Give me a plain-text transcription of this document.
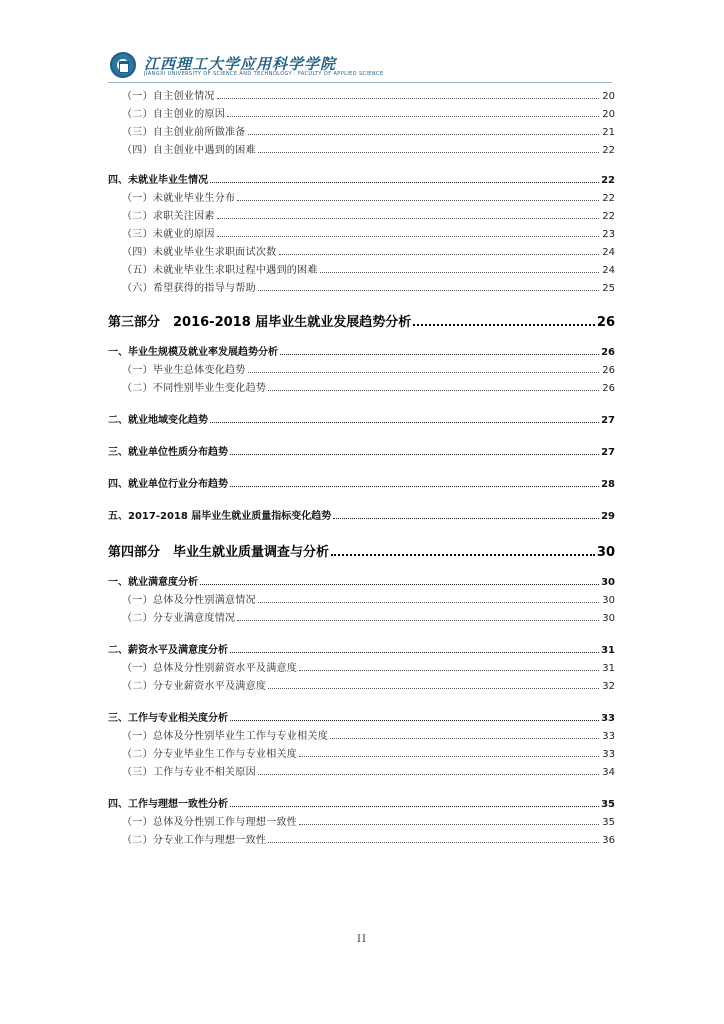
江西理工大学应用科学学院
JIANGXI UNIVERSITY OF SCIENCE AND TECHNOLOGY · FACULTY OF APPLIED SCIENCE
（一）自主创业情况	20
（二）自主创业的原因	20
（三）自主创业前所做准备	21
（四）自主创业中遇到的困难	22
四、未就业毕业生情况	22
（一）未就业毕业生分布	22
（二）求职关注因素	22
（三）未就业的原因	23
（四）未就业毕业生求职面试次数	24
（五）未就业毕业生求职过程中遇到的困难	24
（六）希望获得的指导与帮助	25
第三部分　2016-2018 届毕业生就业发展趋势分析	26
一、毕业生规模及就业率发展趋势分析	26
（一）毕业生总体变化趋势	26
（二）不同性别毕业生变化趋势	26
二、就业地域变化趋势	27
三、就业单位性质分布趋势	27
四、就业单位行业分布趋势	28
五、2017-2018 届毕业生就业质量指标变化趋势	29
第四部分　毕业生就业质量调查与分析	30
一、就业满意度分析	30
（一）总体及分性别满意情况	30
（二）分专业满意度情况	30
二、薪资水平及满意度分析	31
（一）总体及分性别薪资水平及满意度	31
（二）分专业薪资水平及满意度	32
三、工作与专业相关度分析	33
（一）总体及分性别毕业生工作与专业相关度	33
（二）分专业毕业生工作与专业相关度	33
（三）工作与专业不相关原因	34
四、工作与理想一致性分析	35
（一）总体及分性别工作与理想一致性	35
（二）分专业工作与理想一致性	36
II
